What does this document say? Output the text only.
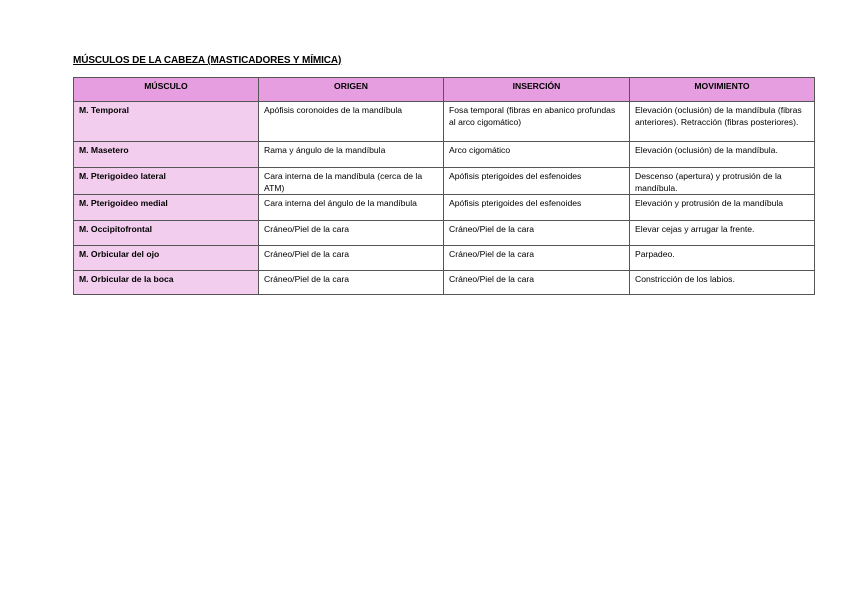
MÚSCULOS DE LA CABEZA (MASTICADORES Y MÍMICA)
MÚSCULO	ORIGEN	INSERCIÓN	MOVIMIENTO
M. Temporal	Apófisis coronoides de la mandíbula	Fosa temporal (fibras en abanico profundas al arco cigomático)	Elevación (oclusión) de la mandíbula (fibras anteriores). Retracción (fibras posteriores).
M. Masetero	Rama y ángulo de la mandíbula	Arco cigomático	Elevación (oclusión) de la mandíbula.
M. Pterigoideo lateral	Cara interna de la mandíbula (cerca de la ATM)	Apófisis pterigoides del esfenoides	Descenso (apertura) y protrusión de la mandíbula.
M. Pterigoideo medial	Cara interna del ángulo de la mandíbula	Apófisis pterigoides del esfenoides	Elevación y protrusión de la mandíbula
M. Occipitofrontal	Cráneo/Piel de la cara	Cráneo/Piel de la cara	Elevar cejas y arrugar la frente.
M. Orbicular del ojo	Cráneo/Piel de la cara	Cráneo/Piel de la cara	Parpadeo.
M. Orbicular de la boca	Cráneo/Piel de la cara	Cráneo/Piel de la cara	Constricción de los labios.
